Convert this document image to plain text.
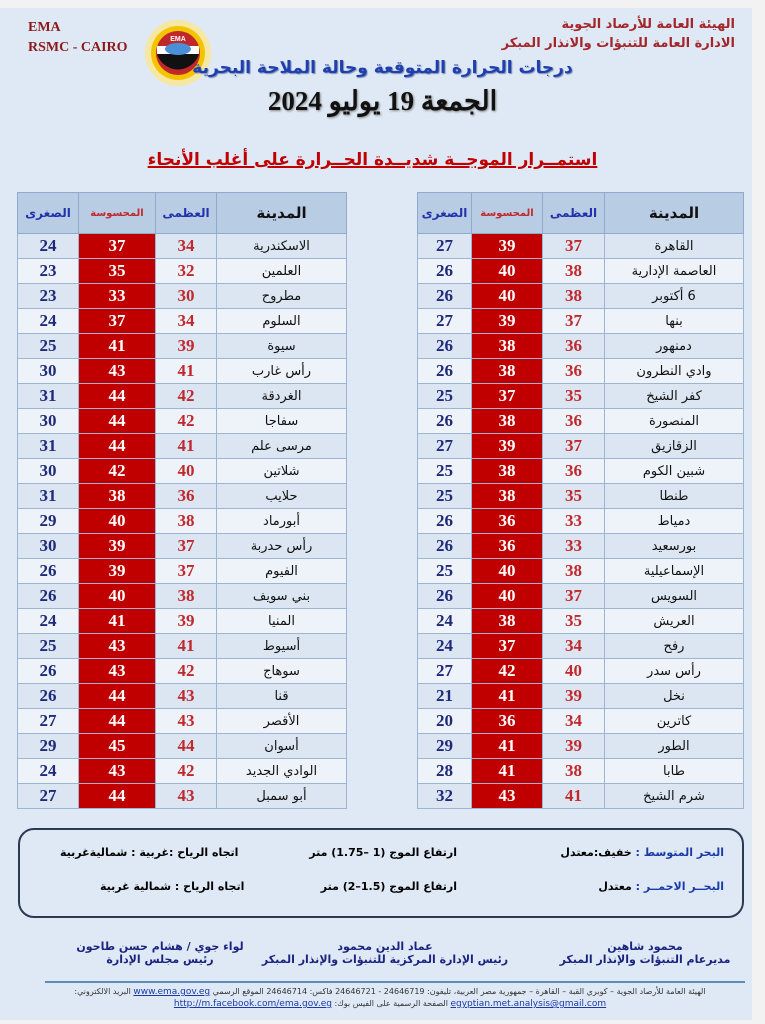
EMA
RSMC - CAIRO
EMA
الهيئة العامة للأرصاد الجوية
الادارة العامة للتنبؤات والانذار المبكر
درجات الحرارة المتوقعة وحالة الملاحة البحرية
الجمعة 19 يوليو 2024
استمــرار الموجــة شديــدة الحــرارة على أغلب الأنحاء
المدينة	العظمى	المحسوسة	الصغرى
القاهرة	37	39	27
العاصمة الإدارية	38	40	26
6 أكتوبر	38	40	26
بنها	37	39	27
دمنهور	36	38	26
وادي النطرون	36	38	26
كفر الشيخ	35	37	25
المنصورة	36	38	26
الزقازيق	37	39	27
شبين الكوم	36	38	25
طنطا	35	38	25
دمياط	33	36	26
بورسعيد	33	36	26
الإسماعيلية	38	40	25
السويس	37	40	26
العريش	35	38	24
رفح	34	37	24
رأس سدر	40	42	27
نخل	39	41	21
كاترين	34	36	20
الطور	39	41	29
طابا	38	41	28
شرم الشيخ	41	43	32
المدينة	العظمى	المحسوسة	الصغرى
الاسكندرية	34	37	24
العلمين	32	35	23
مطروح	30	33	23
السلوم	34	37	24
سيوة	39	41	25
رأس غارب	41	43	30
الغردقة	42	44	31
سفاجا	42	44	30
مرسى علم	41	44	31
شلاتين	40	42	30
حلايب	36	38	31
أبورماد	38	40	29
رأس حدربة	37	39	30
الفيوم	37	39	26
بني سويف	38	40	26
المنيا	39	41	24
أسيوط	41	43	25
سوهاج	42	43	26
قنا	43	44	26
الأقصر	43	44	27
أسوان	44	45	29
الوادي الجديد	42	43	24
أبو سمبل	43	44	27
البحر المتوسط : خفيف:معتدل
ارتفاع الموج (1 –1.75) متر
اتجاه الرياح :غربية : شماليةغربية
البحــر الاحمــر : معتدل
ارتفاع الموج (1.5–2) متر
اتجاه الرياح : شمالية غربية
محمود شاهين
مديرعام التنبؤات والإنذار المبكر
عماد الدين محمود
رئيس الإدارة المركزية للتنبؤات والإنذار المبكر
لواء جوي / هشام حسن طاحون
رئيس مجلس الإدارة
الهيئة العامة للأرصاد الجوية – كوبري القبة – القاهرة – جمهورية مصر العربية، تليفون: 24646719 - 24646721 فاكس: 24646714 الموقع الرسمي www.ema.gov.eg البريد الالكتروني: egyptian.met.analysis@gmail.com الصفحة الرسمية على الفيس بوك: http://m.facebook.com/ema.gov.eg
